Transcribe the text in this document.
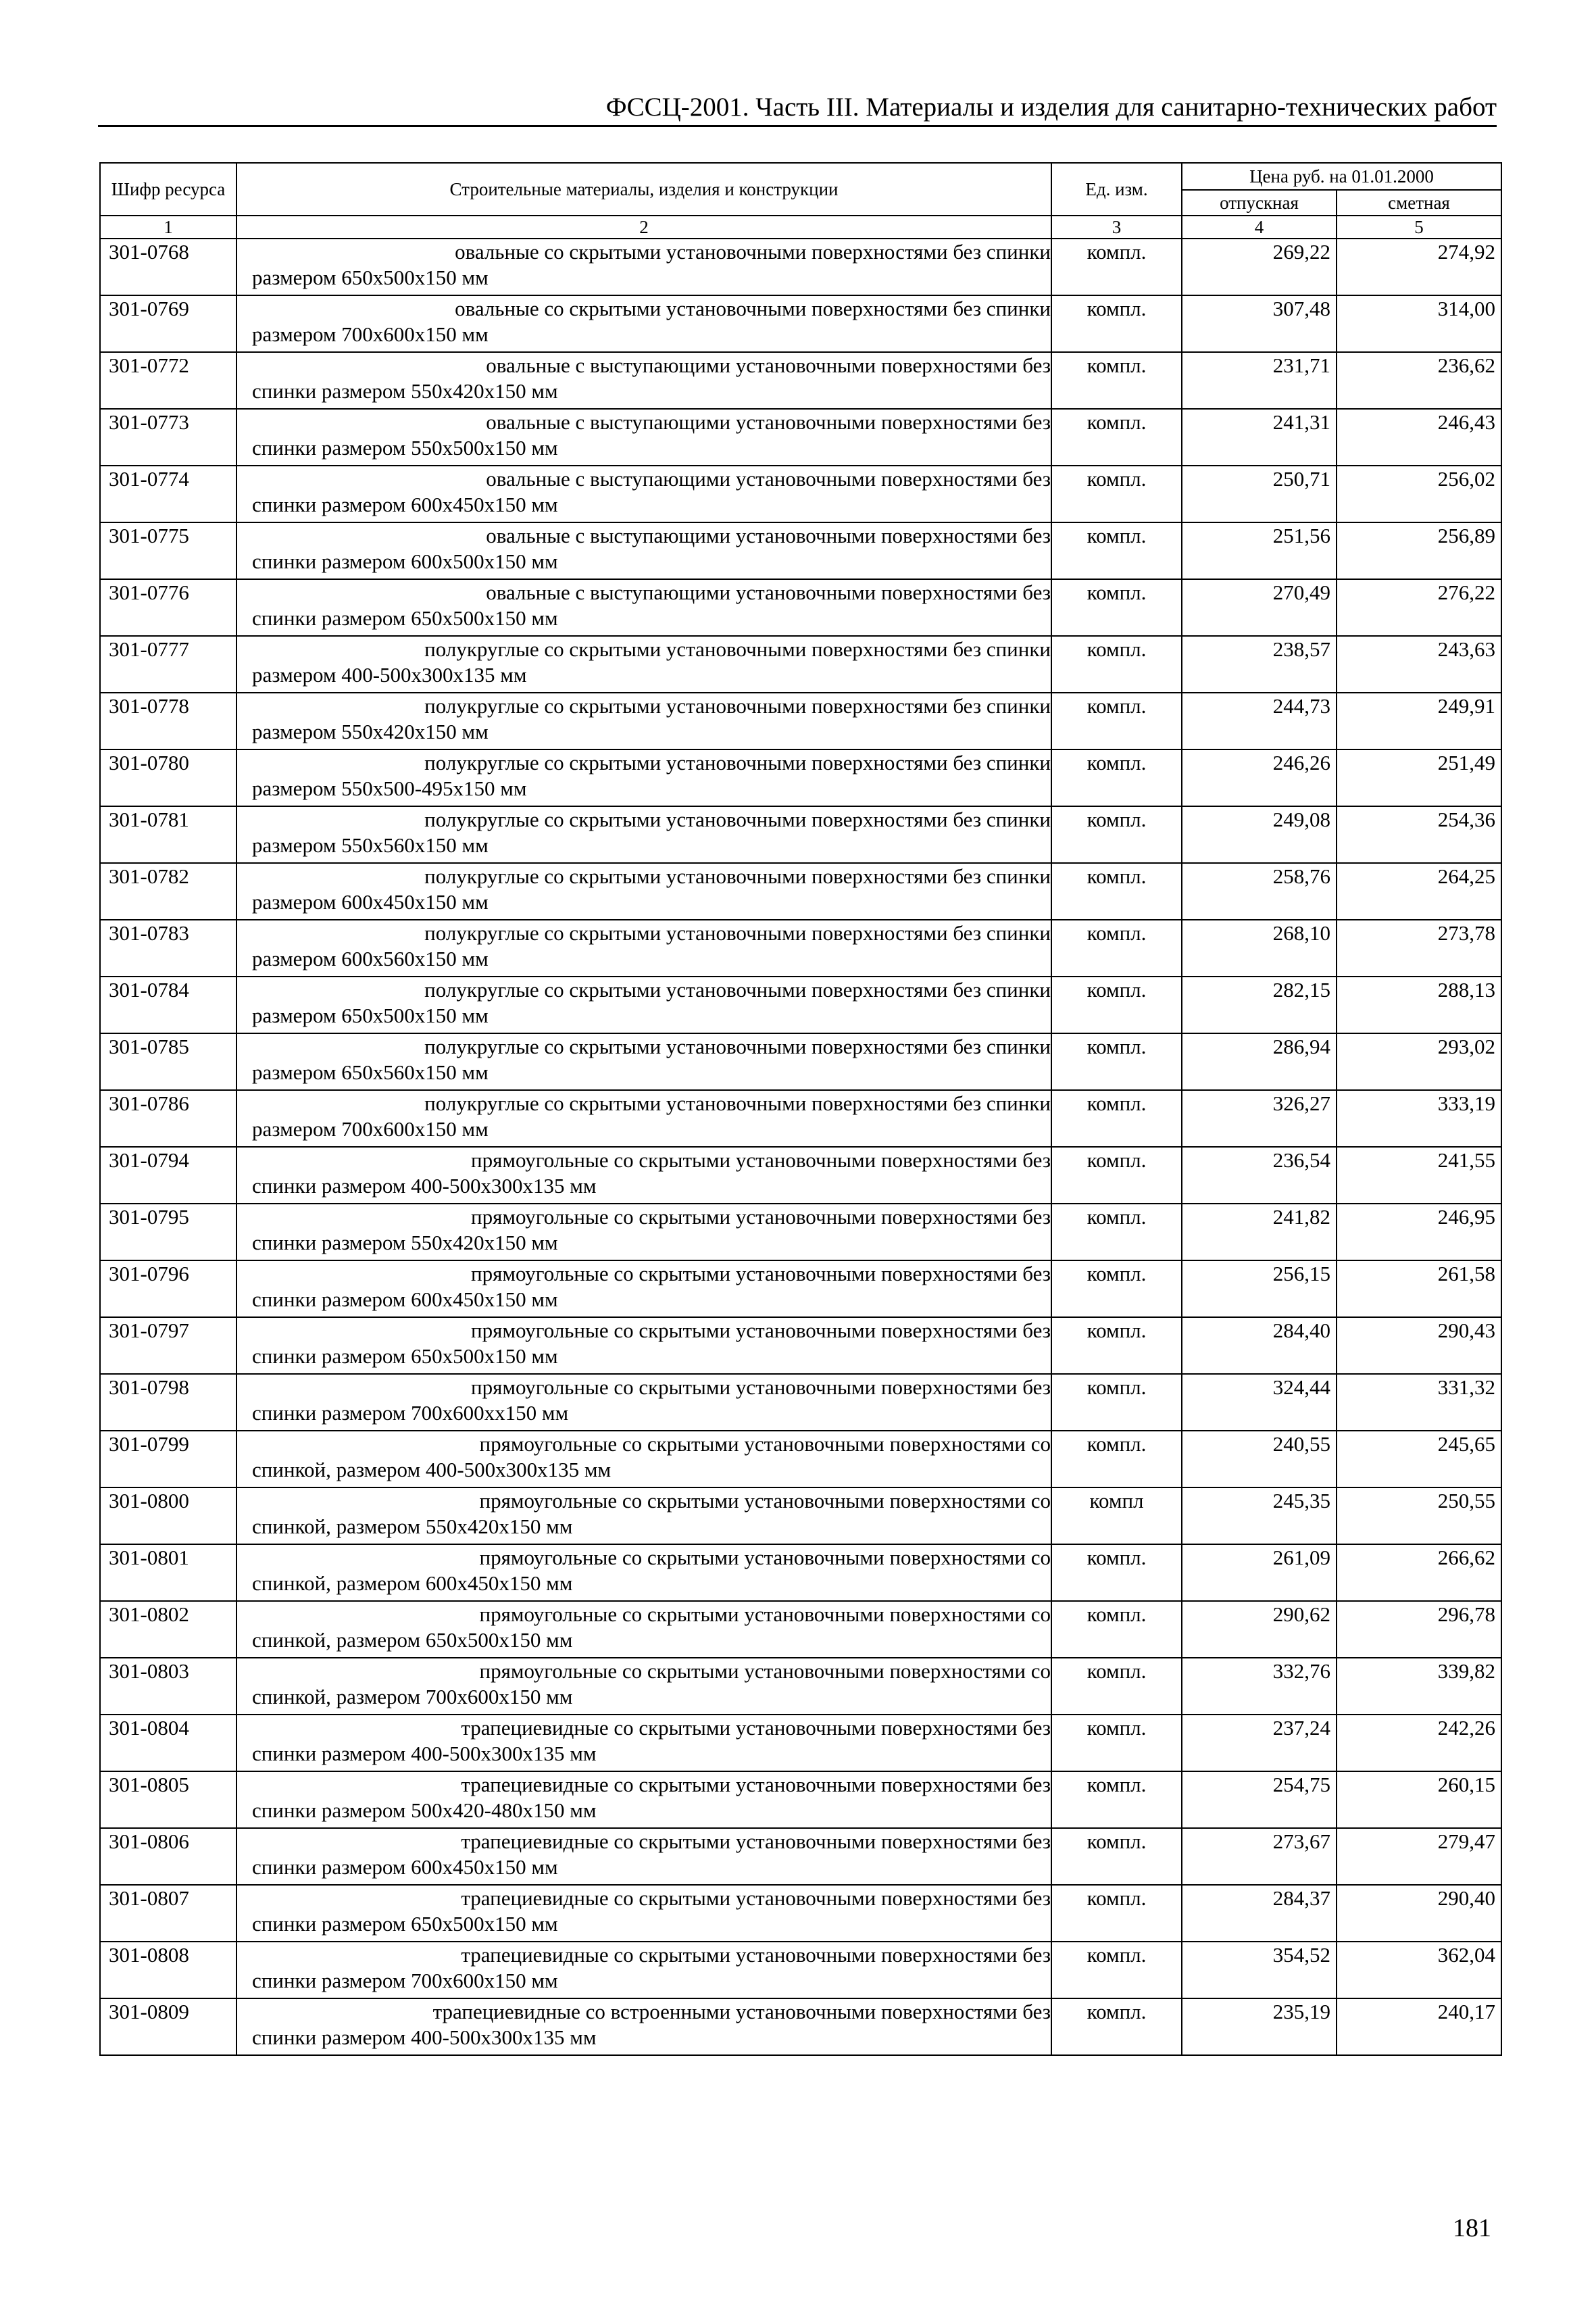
ФССЦ-2001. Часть III. Материалы и изделия для санитарно-технических работ
Шифр ресурса	Строительные материалы, изделия и конструкции	Ед. изм.	Цена руб. на 01.01.2000	
			отпускная	сметная
1	2	3	4	5
301-0768	овальные со скрытыми установочными поверхностями без спинки
размером 650x500x150 мм	компл.	269,22	274,92
301-0769	овальные со скрытыми установочными поверхностями без спинки
размером 700x600x150 мм	компл.	307,48	314,00
301-0772	овальные с выступающими установочными поверхностями без
спинки размером 550x420x150 мм	компл.	231,71	236,62
301-0773	овальные с выступающими установочными поверхностями без
спинки размером 550x500x150 мм	компл.	241,31	246,43
301-0774	овальные с выступающими установочными поверхностями без
спинки размером 600x450x150 мм	компл.	250,71	256,02
301-0775	овальные с выступающими установочными поверхностями без
спинки размером 600x500x150 мм	компл.	251,56	256,89
301-0776	овальные с выступающими установочными поверхностями без
спинки размером 650x500x150 мм	компл.	270,49	276,22
301-0777	полукруглые со скрытыми установочными поверхностями без спинки
размером 400-500x300x135 мм	компл.	238,57	243,63
301-0778	полукруглые со скрытыми установочными поверхностями без спинки
размером 550x420x150 мм	компл.	244,73	249,91
301-0780	полукруглые со скрытыми установочными поверхностями без спинки
размером 550x500-495x150 мм	компл.	246,26	251,49
301-0781	полукруглые со скрытыми установочными поверхностями без спинки
размером 550x560x150 мм	компл.	249,08	254,36
301-0782	полукруглые со скрытыми установочными поверхностями без спинки
размером 600x450x150 мм	компл.	258,76	264,25
301-0783	полукруглые со скрытыми установочными поверхностями без спинки
размером 600x560x150 мм	компл.	268,10	273,78
301-0784	полукруглые со скрытыми установочными поверхностями без спинки
размером 650x500x150 мм	компл.	282,15	288,13
301-0785	полукруглые со скрытыми установочными поверхностями без спинки
размером 650x560x150 мм	компл.	286,94	293,02
301-0786	полукруглые со скрытыми установочными поверхностями без спинки
размером 700x600x150 мм	компл.	326,27	333,19
301-0794	прямоугольные со скрытыми установочными поверхностями без
спинки размером 400-500x300x135 мм	компл.	236,54	241,55
301-0795	прямоугольные со скрытыми установочными поверхностями без
спинки размером 550x420x150 мм	компл.	241,82	246,95
301-0796	прямоугольные со скрытыми установочными поверхностями без
спинки размером 600x450x150 мм	компл.	256,15	261,58
301-0797	прямоугольные со скрытыми установочными поверхностями без
спинки размером 650x500x150 мм	компл.	284,40	290,43
301-0798	прямоугольные со скрытыми установочными поверхностями без
спинки размером 700x600xx150 мм	компл.	324,44	331,32
301-0799	прямоугольные со скрытыми установочными поверхностями со
спинкой, размером 400-500x300x135 мм	компл.	240,55	245,65
301-0800	прямоугольные со скрытыми установочными поверхностями со
спинкой, размером 550x420x150 мм	компл	245,35	250,55
301-0801	прямоугольные со скрытыми установочными поверхностями со
спинкой, размером 600x450x150 мм	компл.	261,09	266,62
301-0802	прямоугольные со скрытыми установочными поверхностями со
спинкой, размером 650x500x150 мм	компл.	290,62	296,78
301-0803	прямоугольные со скрытыми установочными поверхностями со
спинкой, размером 700x600x150 мм	компл.	332,76	339,82
301-0804	трапециевидные со скрытыми установочными поверхностями без
спинки размером 400-500x300x135 мм	компл.	237,24	242,26
301-0805	трапециевидные со скрытыми установочными поверхностями без
спинки размером 500x420-480x150 мм	компл.	254,75	260,15
301-0806	трапециевидные со скрытыми установочными поверхностями без
спинки размером 600x450x150 мм	компл.	273,67	279,47
301-0807	трапециевидные со скрытыми установочными поверхностями без
спинки размером 650x500x150 мм	компл.	284,37	290,40
301-0808	трапециевидные со скрытыми установочными поверхностями без
спинки размером 700x600x150 мм	компл.	354,52	362,04
301-0809	трапециевидные со встроенными установочными поверхностями без
спинки размером 400-500x300x135 мм	компл.	235,19	240,17
181
